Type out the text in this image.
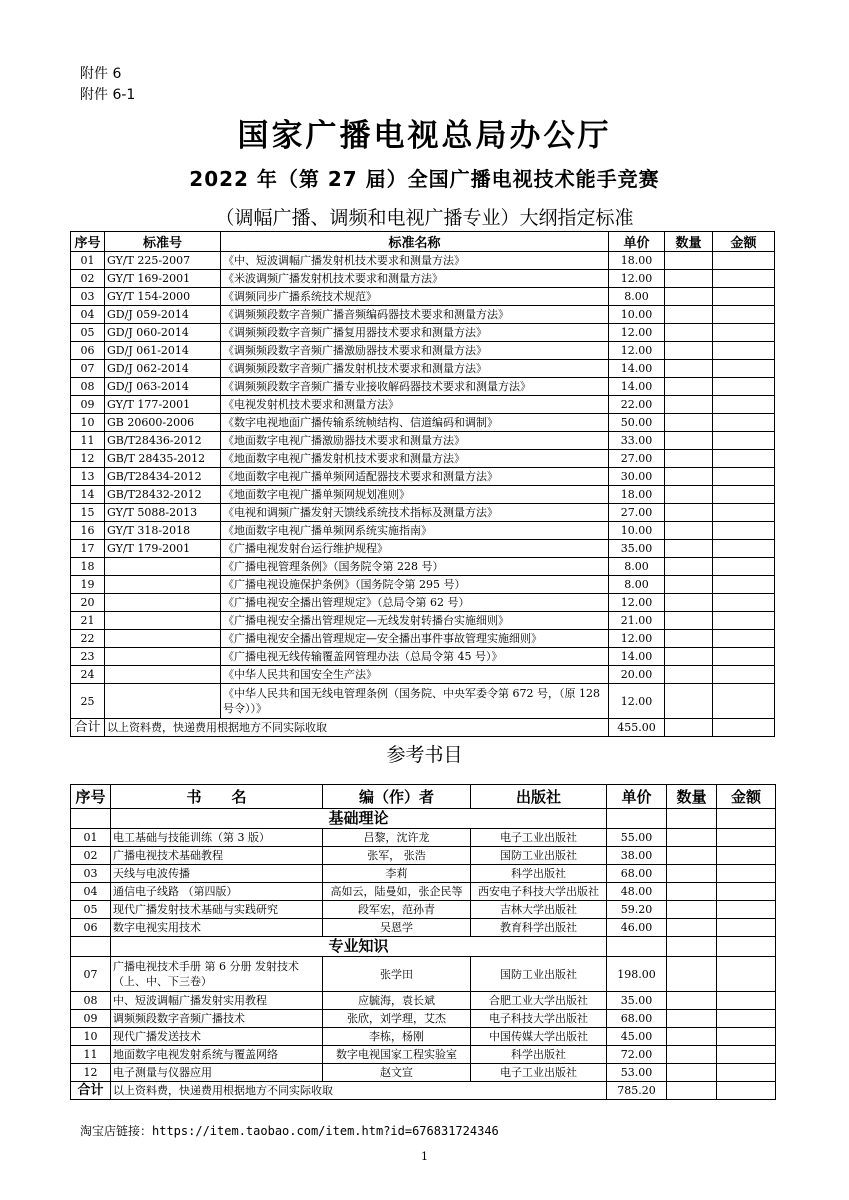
附件 6
附件 6-1
国家广播电视总局办公厅
2022 年（第 27 届）全国广播电视技术能手竞赛
（调幅广播、调频和电视广播专业）大纲指定标准
序号	标准号	标准名称	单价	数量	金额
01	GY/T 225-2007	《中、短波调幅广播发射机技术要求和测量方法》	18.00		
02	GY/T 169-2001	《米波调频广播发射机技术要求和测量方法》	12.00		
03	GY/T 154-2000	《调频同步广播系统技术规范》	8.00		
04	GD/J 059-2014	《调频频段数字音频广播音频编码器技术要求和测量方法》	10.00		
05	GD/J 060-2014	《调频频段数字音频广播复用器技术要求和测量方法》	12.00		
06	GD/J 061-2014	《调频频段数字音频广播激励器技术要求和测量方法》	12.00		
07	GD/J 062-2014	《调频频段数字音频广播发射机技术要求和测量方法》	14.00		
08	GD/J 063-2014	《调频频段数字音频广播专业接收解码器技术要求和测量方法》	14.00		
09	GY/T 177-2001	《电视发射机技术要求和测量方法》	22.00		
10	GB 20600-2006	《数字电视地面广播传输系统帧结构、信道编码和调制》	50.00		
11	GB/T28436-2012	《地面数字电视广播激励器技术要求和测量方法》	33.00		
12	GB/T 28435-2012	《地面数字电视广播发射机技术要求和测量方法》	27.00		
13	GB/T28434-2012	《地面数字电视广播单频网适配器技术要求和测量方法》	30.00		
14	GB/T28432-2012	《地面数字电视广播单频网规划准则》	18.00		
15	GY/T 5088-2013	《电视和调频广播发射天馈线系统技术指标及测量方法》	27.00		
16	GY/T 318-2018	《地面数字电视广播单频网系统实施指南》	10.00		
17	GY/T 179-2001	《广播电视发射台运行维护规程》	35.00		
18		《广播电视管理条例》（国务院令第 228 号）	8.00		
19		《广播电视设施保护条例》（国务院令第 295 号）	8.00		
20		《广播电视安全播出管理规定》（总局令第 62 号）	12.00		
21		《广播电视安全播出管理规定—无线发射转播台实施细则》	21.00		
22		《广播电视安全播出管理规定—安全播出事件事故管理实施细则》	12.00		
23		《广播电视无线传输覆盖网管理办法（总局令第 45 号）》	14.00		
24		《中华人民共和国安全生产法》	20.00		
25		《中华人民共和国无线电管理条例（国务院、中央军委令第 672 号，（原 128 号令））》	12.00		
合计	以上资料费，快递费用根据地方不同实际收取		455.00		
参考书目
序号	书　　名	编（作）者	出版社	单价	数量	金额
	基础理论					
01	电工基础与技能训练（第 3 版）	吕黎，沈许龙	电子工业出版社	55.00		
02	广播电视技术基础教程	张军， 张浩	国防工业出版社	38.00		
03	天线与电波传播	李莉	科学出版社	68.00		
04	通信电子线路 （第四版）	高如云，陆曼如，张企民等	西安电子科技大学出版社	48.00		
05	现代广播发射技术基础与实践研究	段军宏，范孙青	吉林大学出版社	59.20		
06	数字电视实用技术	吴恩学	教育科学出版社	46.00		
	专业知识					
07	广播电视技术手册 第 6 分册 发射技术（上、中、下三卷）	张学田	国防工业出版社	198.00		
08	中、短波调幅广播发射实用教程	应毓海，袁长斌	合肥工业大学出版社	35.00		
09	调频频段数字音频广播技术	张欣，刘学理，艾杰	电子科技大学出版社	68.00		
10	现代广播发送技术	李栋，杨刚	中国传媒大学出版社	45.00		
11	地面数字电视发射系统与覆盖网络	数字电视国家工程实验室	科学出版社	72.00		
12	电子测量与仪器应用	赵文宣	电子工业出版社	53.00		
合计	以上资料费，快递费用根据地方不同实际收取			785.20		
淘宝店链接：https://item.taobao.com/item.htm?id=676831724346
1
